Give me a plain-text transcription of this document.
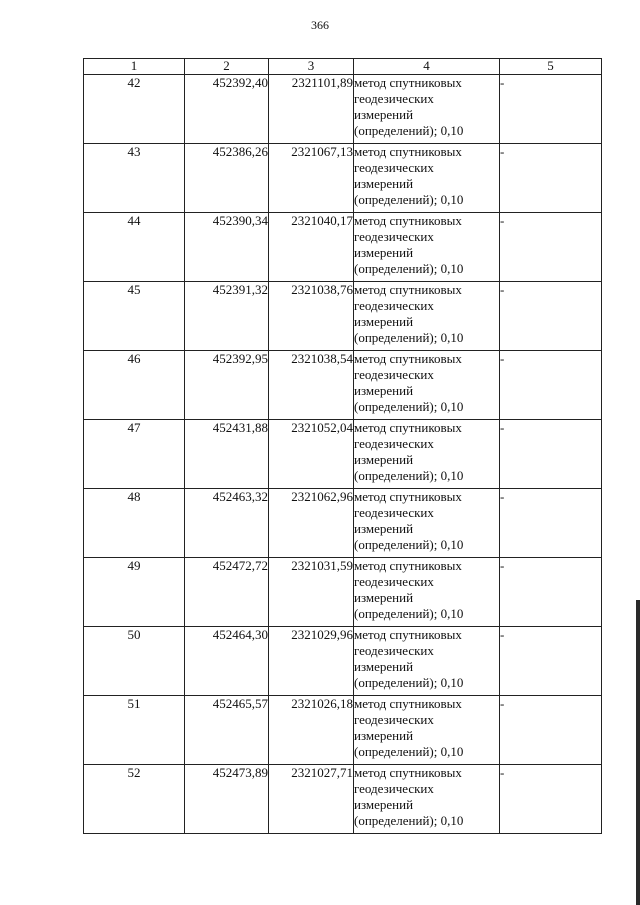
366
1	2	3	4	5
42	452392,40	2321101,89	метод спутниковых
геодезических
измерений
(определений); 0,10	-
43	452386,26	2321067,13	метод спутниковых
геодезических
измерений
(определений); 0,10	-
44	452390,34	2321040,17	метод спутниковых
геодезических
измерений
(определений); 0,10	-
45	452391,32	2321038,76	метод спутниковых
геодезических
измерений
(определений); 0,10	-
46	452392,95	2321038,54	метод спутниковых
геодезических
измерений
(определений); 0,10	-
47	452431,88	2321052,04	метод спутниковых
геодезических
измерений
(определений); 0,10	-
48	452463,32	2321062,96	метод спутниковых
геодезических
измерений
(определений); 0,10	-
49	452472,72	2321031,59	метод спутниковых
геодезических
измерений
(определений); 0,10	-
50	452464,30	2321029,96	метод спутниковых
геодезических
измерений
(определений); 0,10	-
51	452465,57	2321026,18	метод спутниковых
геодезических
измерений
(определений); 0,10	-
52	452473,89	2321027,71	метод спутниковых
геодезических
измерений
(определений); 0,10	-
